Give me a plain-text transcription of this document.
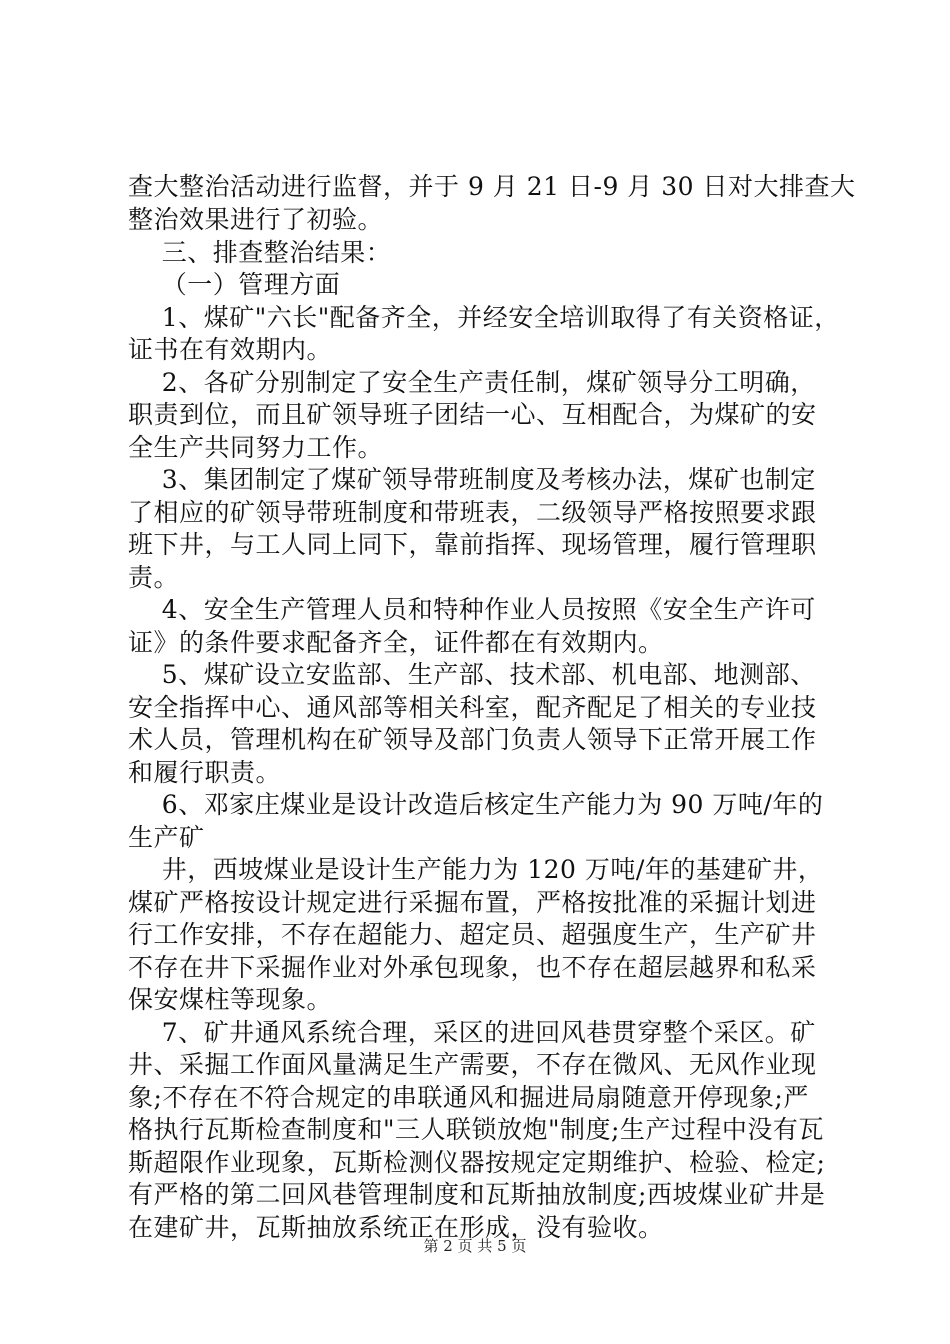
查大整治活动进行监督，并于 9 月 21 日-9 月 30 日对大排查大
整治效果进行了初验。
三、排查整治结果：
（一）管理方面
1、煤矿"六长"配备齐全，并经安全培训取得了有关资格证，
证书在有效期内。
2、各矿分别制定了安全生产责任制，煤矿领导分工明确，
职责到位，而且矿领导班子团结一心、互相配合，为煤矿的安
全生产共同努力工作。
3、集团制定了煤矿领导带班制度及考核办法，煤矿也制定
了相应的矿领导带班制度和带班表，二级领导严格按照要求跟
班下井，与工人同上同下，靠前指挥、现场管理，履行管理职
责。
4、安全生产管理人员和特种作业人员按照《安全生产许可
证》的条件要求配备齐全，证件都在有效期内。
5、煤矿设立安监部、生产部、技术部、机电部、地测部、
安全指挥中心、通风部等相关科室，配齐配足了相关的专业技
术人员，管理机构在矿领导及部门负责人领导下正常开展工作
和履行职责。
6、邓家庄煤业是设计改造后核定生产能力为 90 万吨/年的
生产矿
井，西坡煤业是设计生产能力为 120 万吨/年的基建矿井，
煤矿严格按设计规定进行采掘布置，严格按批准的采掘计划进
行工作安排，不存在超能力、超定员、超强度生产，生产矿井
不存在井下采掘作业对外承包现象，也不存在超层越界和私采
保安煤柱等现象。
7、矿井通风系统合理，采区的进回风巷贯穿整个采区。矿
井、采掘工作面风量满足生产需要，不存在微风、无风作业现
象;不存在不符合规定的串联通风和掘进局扇随意开停现象;严
格执行瓦斯检查制度和"三人联锁放炮"制度;生产过程中没有瓦
斯超限作业现象，瓦斯检测仪器按规定定期维护、检验、检定;
有严格的第二回风巷管理制度和瓦斯抽放制度;西坡煤业矿井是
在建矿井，瓦斯抽放系统正在形成，没有验收。
第 2 页 共 5 页
